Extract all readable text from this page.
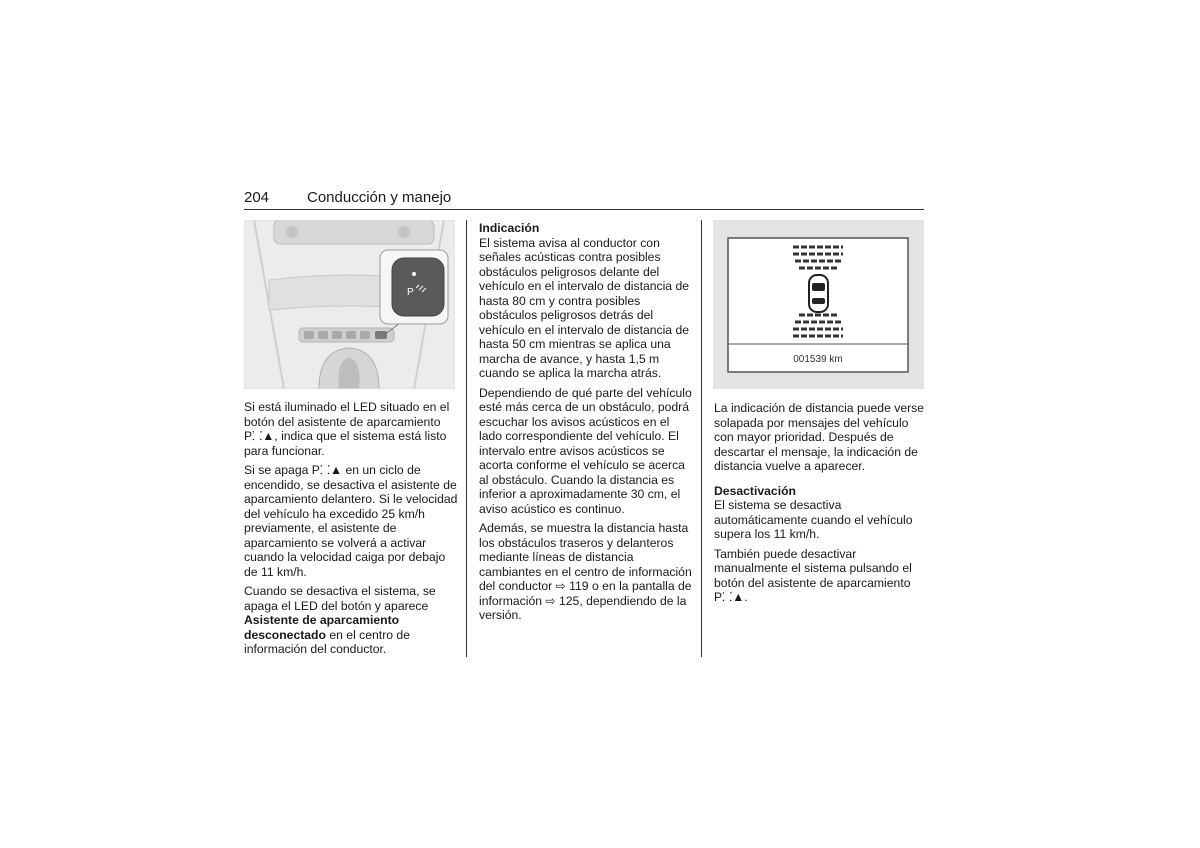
204	Conducción y manejo
P

Si está iluminado el LED situado en el botón del asistente de aparcamiento P⸬▲, indica que el sistema está listo para funcionar.

Si se apaga P⸬▲ en un ciclo de encendido, se desactiva el asistente de aparcamiento delantero. Si le velocidad del vehículo ha excedido 25 km/h previamente, el asistente de aparcamiento se volverá a activar cuando la velocidad caiga por debajo de 11 km/h.

Cuando se desactiva el sistema, se apaga el LED del botón y aparece Asistente de aparcamiento desconectado en el centro de información del conductor.

Indicación

El sistema avisa al conductor con señales acústicas contra posibles obstáculos peligrosos delante del vehículo en el intervalo de distancia de hasta 80 cm y contra posibles obstáculos peligrosos detrás del vehículo en el intervalo de distancia de hasta 50 cm mientras se aplica una marcha de avance, y hasta 1,5 m cuando se aplica la marcha atrás.

Dependiendo de qué parte del vehículo esté más cerca de un obstáculo, podrá escuchar los avisos acústicos en el lado correspondiente del vehículo. El intervalo entre avisos acústicos se acorta conforme el vehículo se acerca al obstáculo. Cuando la distancia es inferior a aproximadamente 30 cm, el aviso acústico es continuo.

Además, se muestra la distancia hasta los obstáculos traseros y delanteros mediante líneas de distancia cambiantes en el centro de información del conductor ⇨ 119 o en la pantalla de información ⇨ 125, dependiendo de la versión.

001539 km

La indicación de distancia puede verse solapada por mensajes del vehículo con mayor prioridad. Después de descartar el mensaje, la indicación de distancia vuelve a aparecer.

Desactivación

El sistema se desactiva automáticamente cuando el vehículo supera los 11 km/h.

También puede desactivar manualmente el sistema pulsando el botón del asistente de aparcamiento P⸬▲.
